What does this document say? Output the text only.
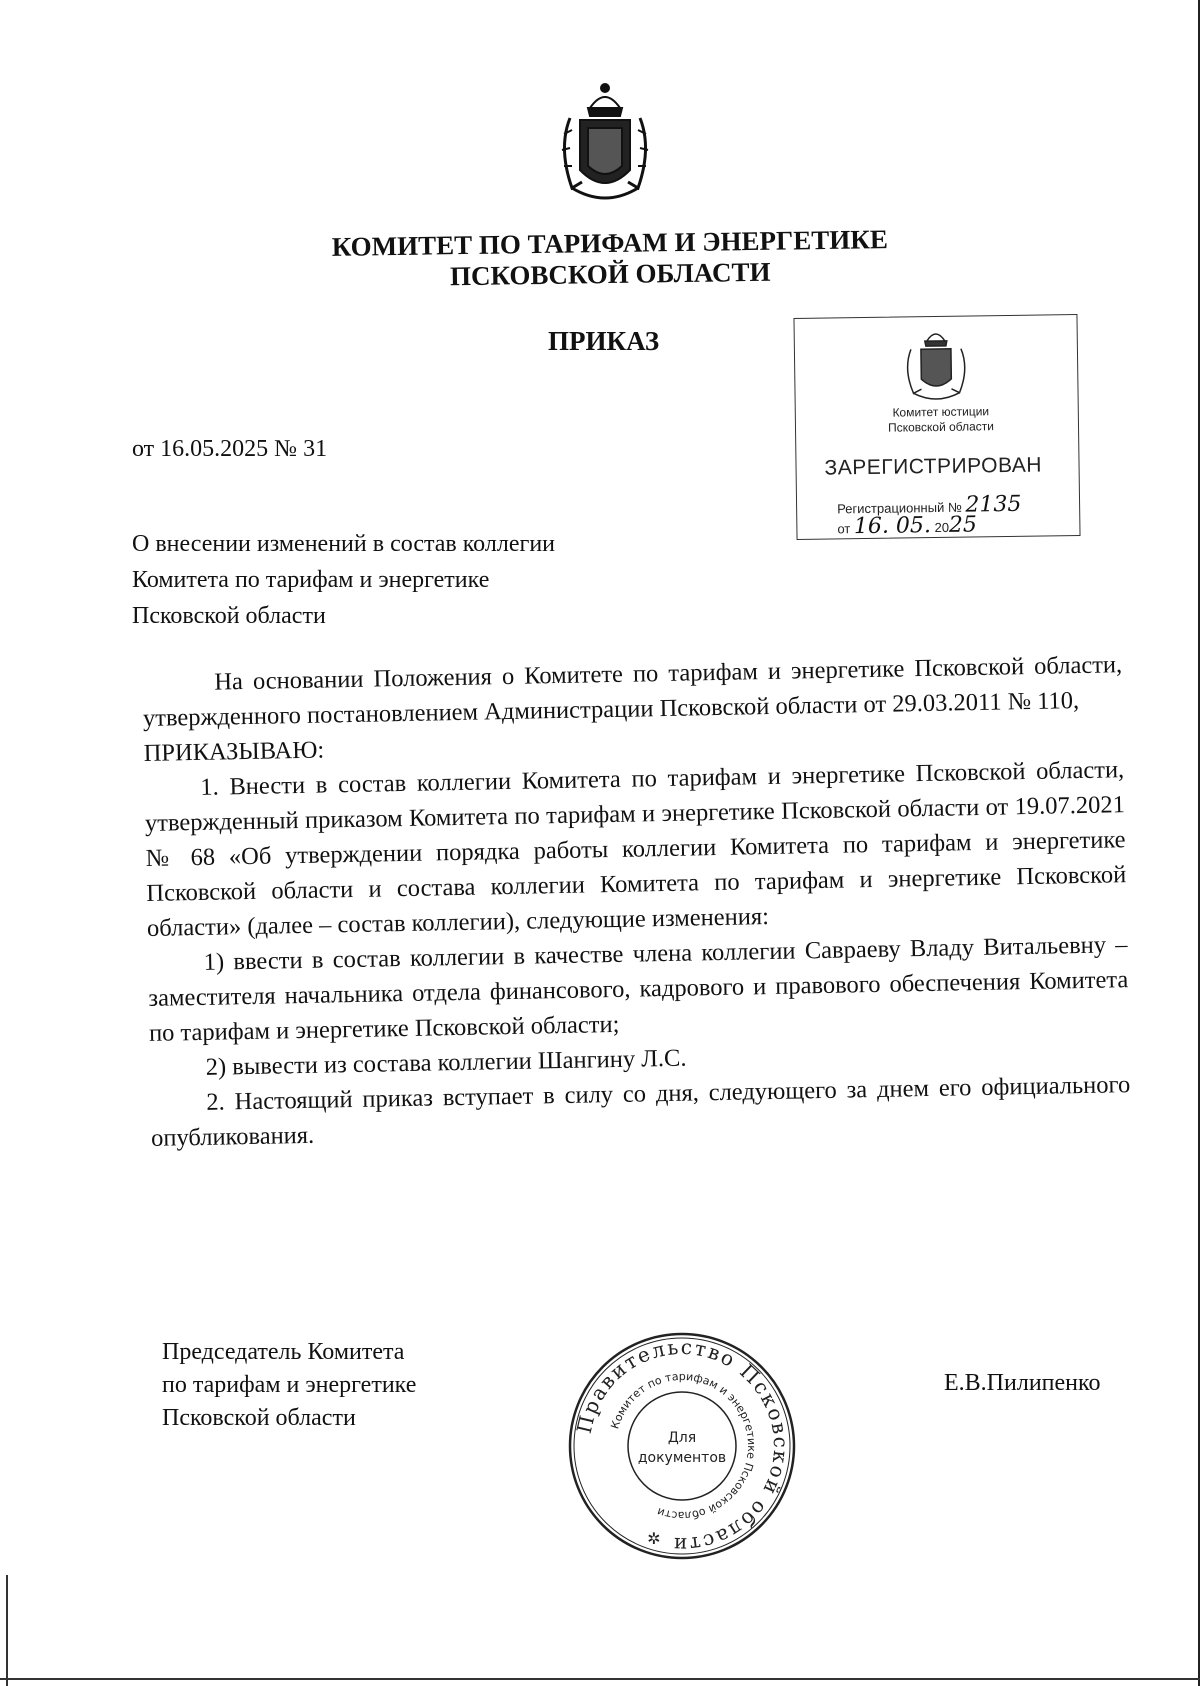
КОМИТЕТ ПО ТАРИФАМ И ЭНЕРГЕТИКЕ
ПСКОВСКОЙ ОБЛАСТИ
ПРИКАЗ
от 16.05.2025 № 31
Комитет юстиции
Псковской области
ЗАРЕГИСТРИРОВАН
Регистрационный № 2135
от 16. 05. 2025
О внесении изменений в состав коллегии
Комитета по тарифам и энергетике
Псковской области

На основании Положения о Комитете по тарифам и энергетике Псковской области, утвержденного постановлением Администрации Псковской области от 29.03.2011 № 110,

ПРИКАЗЫВАЮ:

1. Внести в состав коллегии Комитета по тарифам и энергетике Псковской области, утвержденный приказом Комитета по тарифам и энергетике Псковской области от 19.07.2021 № 68 «Об утверждении порядка работы коллегии Комитета по тарифам и энергетике Псковской области и состава коллегии Комитета по тарифам и энергетике Псковской области» (далее – состав коллегии), следующие изменения:

1) ввести в состав коллегии в качестве члена коллегии Савраеву Владу Витальевну – заместителя начальника отдела финансового, кадрового и правового обеспечения Комитета по тарифам и энергетике Псковской области;

2) вывести из состава коллегии Шангину Л.С.

2. Настоящий приказ вступает в силу со дня, следующего за днем его официального опубликования.

Председатель Комитета
по тарифам и энергетике
Псковской области
Е.В.Пилипенко
Правительство Псковской области
Комитет по тарифам и энергетике Псковской области
Для
документов
✲
